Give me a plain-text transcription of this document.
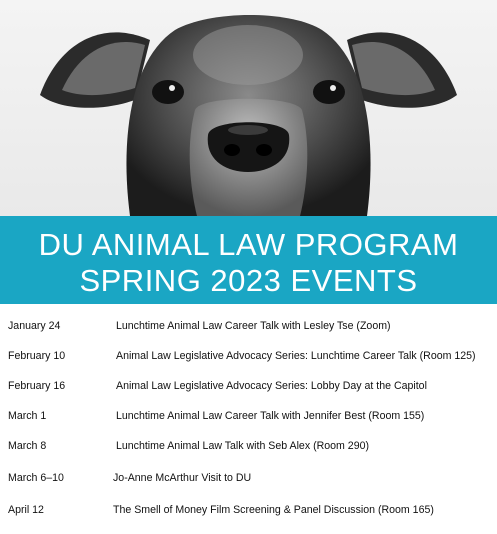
DU ANIMAL LAW PROGRAM
SPRING 2023 EVENTS
January 24	Lunchtime Animal Law Career Talk with Lesley Tse (Zoom)
February 10	Animal Law Legislative Advocacy Series: Lunchtime Career Talk (Room 125)
February 16	Animal Law Legislative Advocacy Series: Lobby Day at the Capitol
March 1	Lunchtime Animal Law Career Talk with Jennifer Best (Room 155)
March 8	Lunchtime Animal Law Talk with Seb Alex (Room 290)
March 6–10	Jo-Anne McArthur Visit to DU
April 12	The Smell of Money Film Screening & Panel Discussion (Room 165)
